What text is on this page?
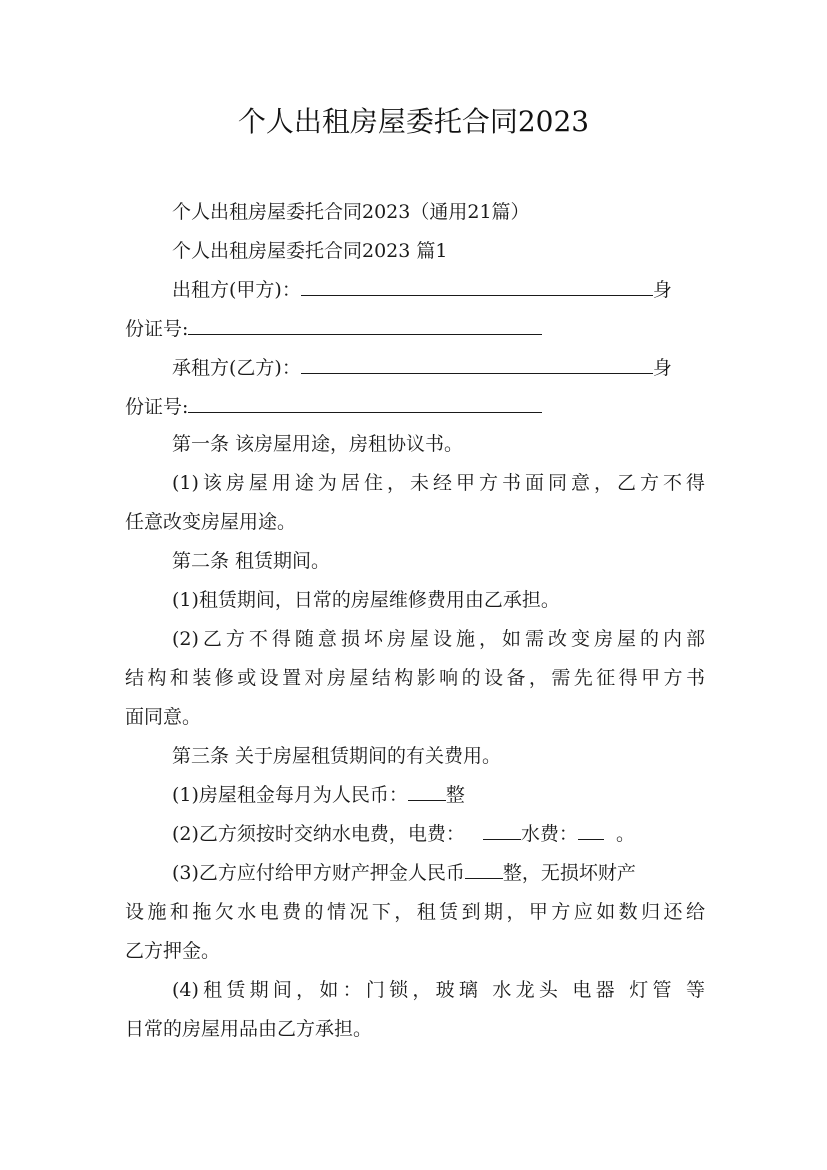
个人出租房屋委托合同2023
个人出租房屋委托合同2023（通用21篇）
个人出租房屋委托合同2023 篇1
出租方(甲方)：	身
份证号:
承租方(乙方)：	身
份证号:
第一条 该房屋用途，房租协议书。
(1)该房屋用途为居住，未经甲方书面同意，乙方不得
任意改变房屋用途。
第二条 租赁期间。
(1)租赁期间，日常的房屋维修费用由乙承担。
(2)乙方不得随意损坏房屋设施，如需改变房屋的内部
结构和装修或设置对房屋结构影响的设备，需先征得甲方书
面同意。
第三条 关于房屋租赁期间的有关费用。
(1)房屋租金每月为人民币： 整
(2)乙方须按时交纳水电费，电费：	水费： 。
(3)乙方应付给甲方财产押金人民币 整，无损坏财产
设施和拖欠水电费的情况下，租赁到期，甲方应如数归还给
乙方押金。
(4)租赁期间，如：门锁，玻璃 水龙头 电器 灯管 等
日常的房屋用品由乙方承担。
